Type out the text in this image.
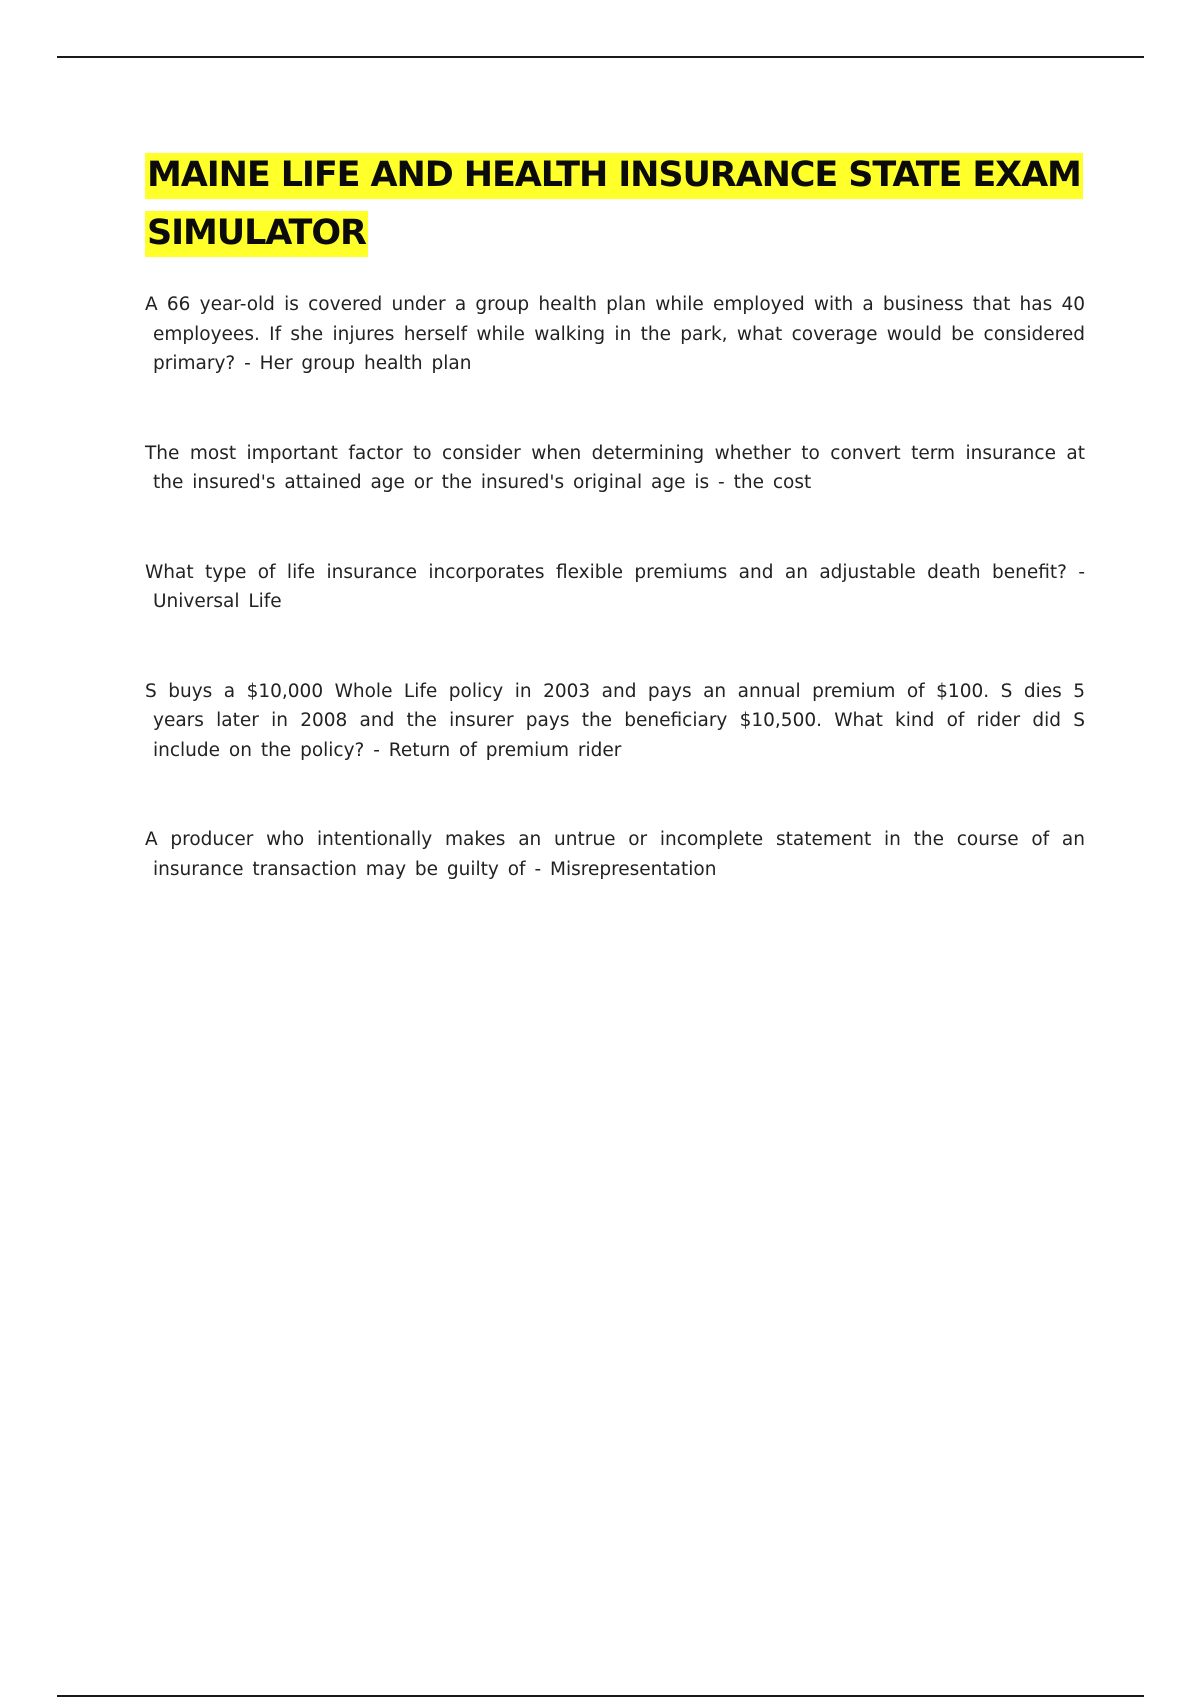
MAINE LIFE AND HEALTH INSURANCE STATE EXAM SIMULATOR

A 66 year-old is covered under a group health plan while employed with a business that has 40 employees. If she injures herself while walking in the park, what coverage would be considered primary? - Her group health plan

The most important factor to consider when determining whether to convert term insurance at the insured's attained age or the insured's original age is - the cost

What type of life insurance incorporates flexible premiums and an adjustable death benefit? - Universal Life

S buys a $10,000 Whole Life policy in 2003 and pays an annual premium of $100. S dies 5 years later in 2008 and the insurer pays the beneficiary $10,500. What kind of rider did S include on the policy? - Return of premium rider

A producer who intentionally makes an untrue or incomplete statement in the course of an insurance transaction may be guilty of - Misrepresentation
